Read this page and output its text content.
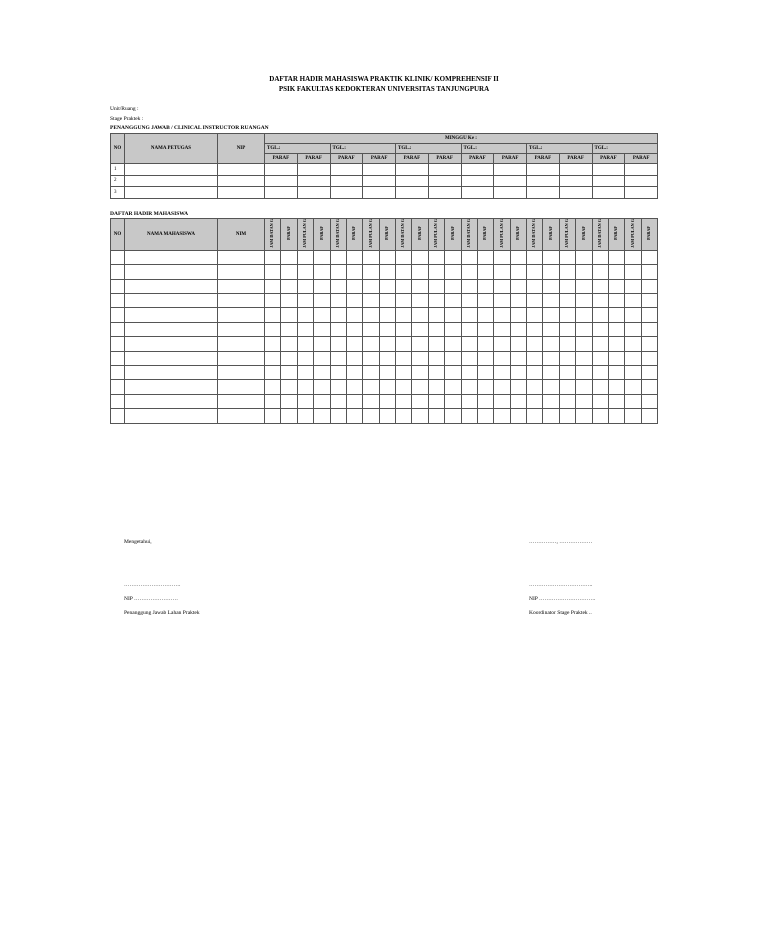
DAFTAR HADIR MAHASISWA PRAKTIK KLINIK/ KOMPREHENSIF II
PSIK FAKULTAS KEDOKTERAN UNIVERSITAS TANJUNGPURA
Unit/Ruang :
Stage Praktek :
PENANGGUNG JAWAB / CLINICAL INSTRUCTOR RUANGAN
NO	NAMA PETUGAS	NIP	MINGGU Ke :											
			TGL.:		TGL.:		TGL.:		TGL.:		TGL.:		TGL.:	
			PARAF	PARAF	PARAF	PARAF	PARAF	PARAF	PARAF	PARAF	PARAF	PARAF	PARAF	PARAF
1														
2														
3														
DAFTAR HADIR MAHASISWA
NO	NAMA MAHASISWA	NIM	JAM DATAN G	PARAF	JAM PULAN G	PARAF	JAM DATAN G	PARAF	JAM PULAN G	PARAF	JAM DATAN G	PARAF	JAM PULAN G	PARAF	JAM DATAN G	PARAF	JAM PULAN G	PARAF	JAM DATAN G	PARAF	JAM PULAN G	PARAF	JAM DATAN G	PARAF	JAM PULAN G	PARAF

Mengetahui,
………………………….
NIP ……………………
Penanggung Jawab Lahan Praktek
……………, ………………
……………………………..
NIP ………………………….
Koordinator Stage Praktek ..
